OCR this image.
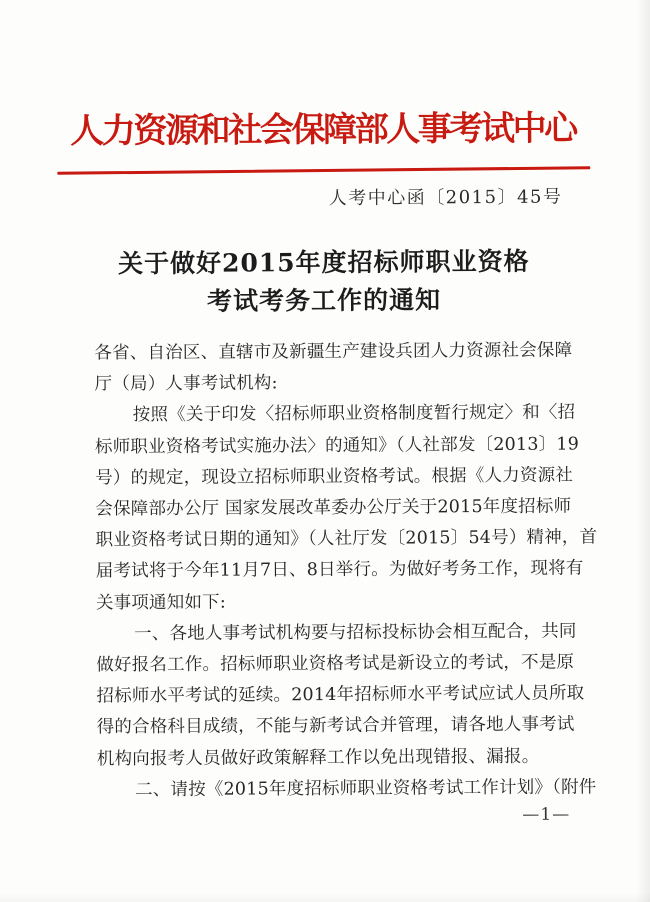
人力资源和社会保障部人事考试中心
人考中心函〔2015〕45号
关于做好2015年度招标师职业资格
考试考务工作的通知
各省、自治区、直辖市及新疆生产建设兵团人力资源社会保障
厅（局）人事考试机构:
按照《关于印发〈招标师职业资格制度暂行规定〉和〈招
标师职业资格考试实施办法〉的通知》（人社部发〔2013〕19
号）的规定，现设立招标师职业资格考试。根据《人力资源社
会保障部办公厅 国家发展改革委办公厅关于2015年度招标师
职业资格考试日期的通知》（人社厅发〔2015〕54号）精神，首
届考试将于今年11月7日、8日举行。为做好考务工作，现将有
关事项通知如下:
一、各地人事考试机构要与招标投标协会相互配合，共同
做好报名工作。招标师职业资格考试是新设立的考试，不是原
招标师水平考试的延续。2014年招标师水平考试应试人员所取
得的合格科目成绩，不能与新考试合并管理，请各地人事考试
机构向报考人员做好政策解释工作以免出现错报、漏报。
二、请按《2015年度招标师职业资格考试工作计划》（附件
—1—
